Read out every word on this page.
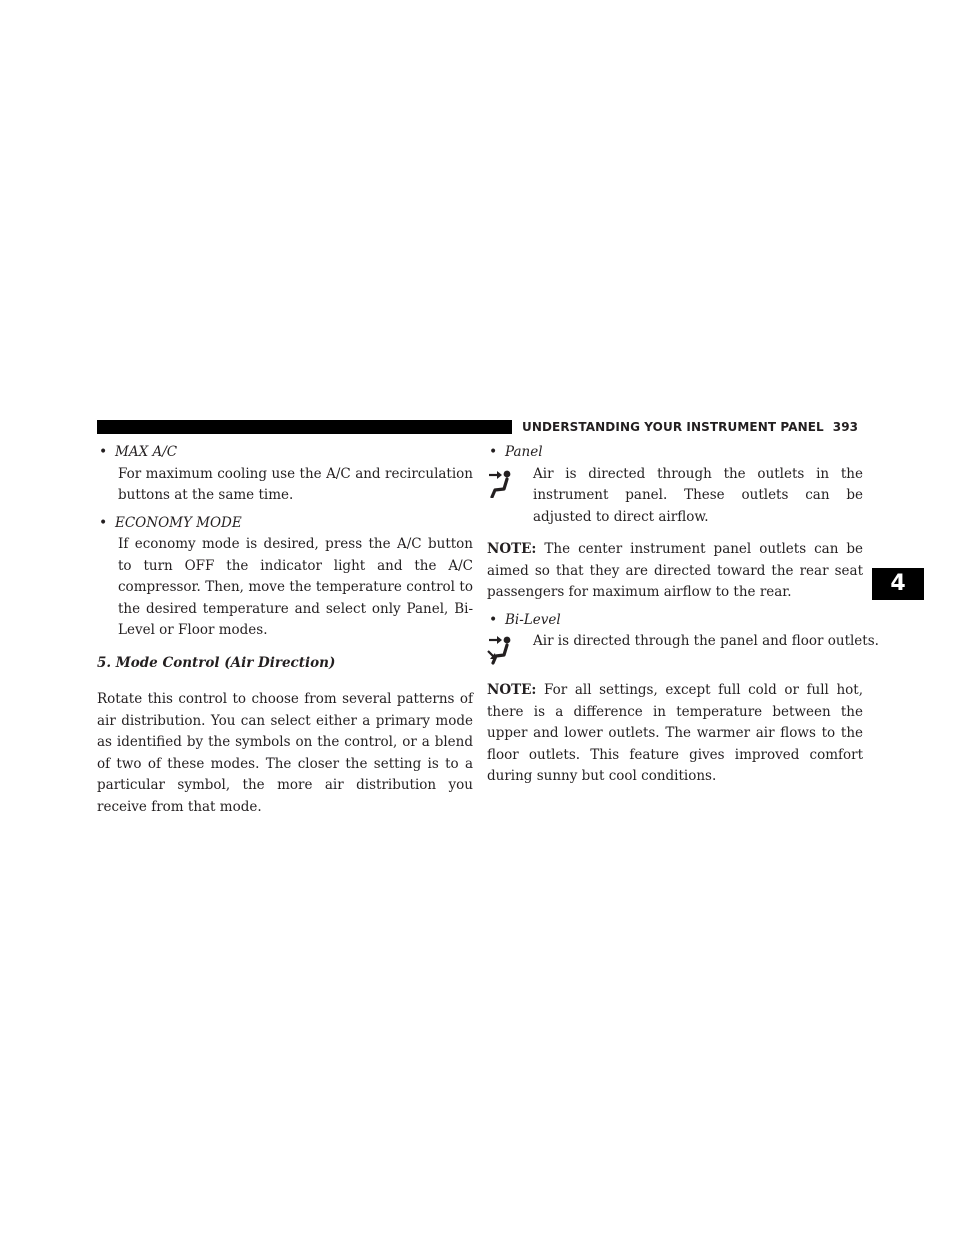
UNDERSTANDING YOUR INSTRUMENT PANEL 393
4
• MAX A/C

For maximum cooling use the A/C and recirculation buttons at the same time.

• ECONOMY MODE

If economy mode is desired, press the A/C button to turn OFF the indicator light and the A/C compressor. Then, move the temperature control to the desired temperature and select only Panel, Bi-Level or Floor modes.

5. Mode Control (Air Direction)

Rotate this control to choose from several patterns of air distribution. You can select either a primary mode as identified by the symbols on the control, or a blend of two of these modes. The closer the setting is to a particular symbol, the more air distribution you receive from that mode.

• Panel

Air is directed through the outlets in the instrument panel. These outlets can be adjusted to direct airflow.

NOTE: The center instrument panel outlets can be aimed so that they are directed toward the rear seat passengers for maximum airflow to the rear.

• Bi-Level

Air is directed through the panel and floor outlets.

NOTE: For all settings, except full cold or full hot, there is a difference in temperature between the upper and lower outlets. The warmer air flows to the floor outlets. This feature gives improved comfort during sunny but cool conditions.
